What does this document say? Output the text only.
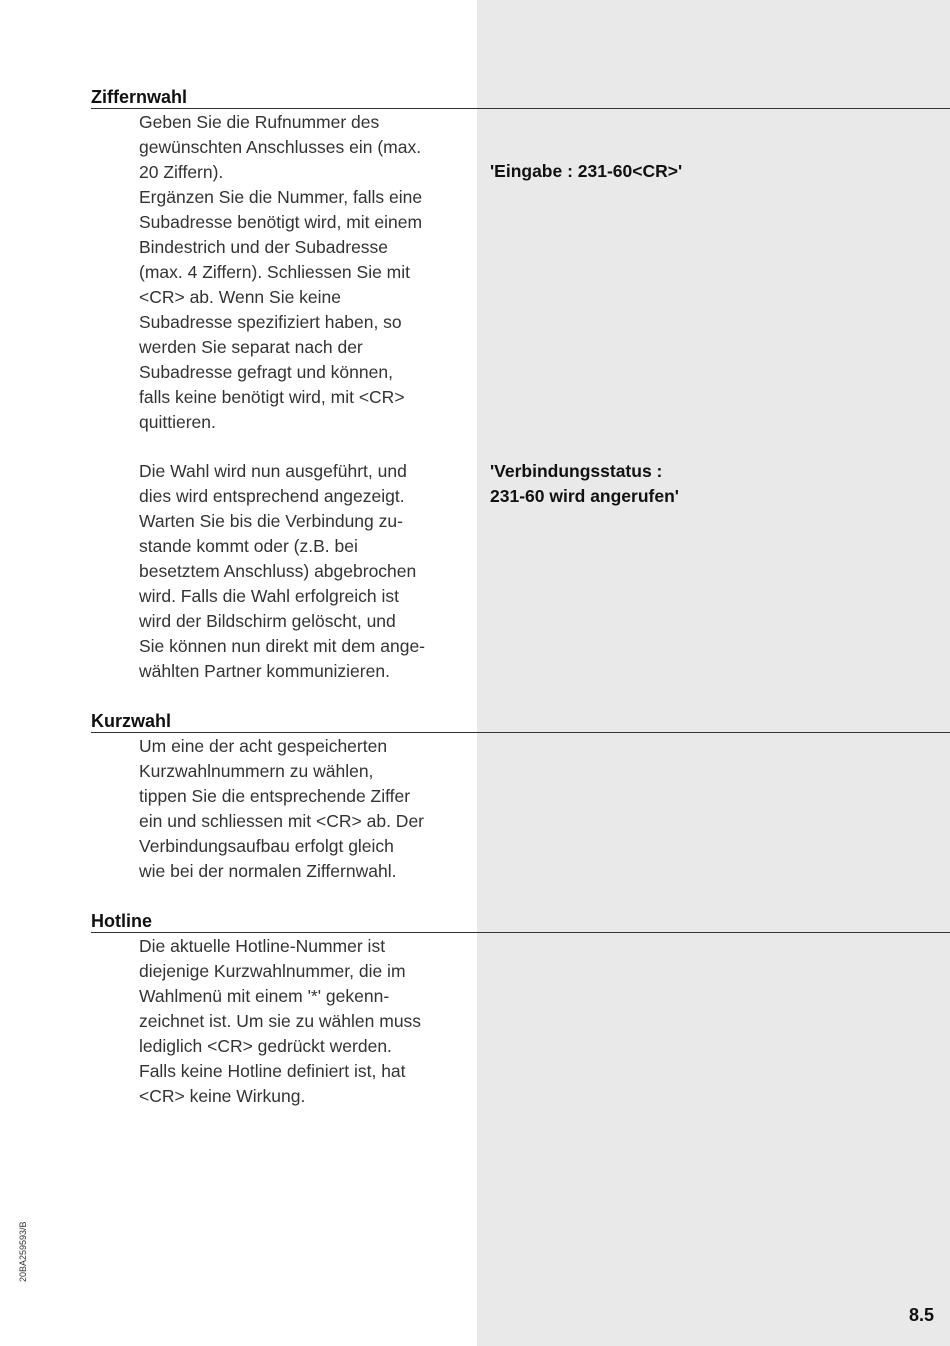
Ziffernwahl
Geben Sie die Rufnummer des
gewünschten Anschlusses ein (max.
20 Ziffern).
Ergänzen Sie die Nummer, falls eine
Subadresse benötigt wird, mit einem
Bindestrich und der Subadresse
(max. 4 Ziffern). Schliessen Sie mit
<CR> ab. Wenn Sie keine
Subadresse spezifiziert haben, so
werden Sie separat nach der
Subadresse gefragt und können,
falls keine benötigt wird, mit <CR>
quittieren.
Die Wahl wird nun ausgeführt, und
dies wird entsprechend angezeigt.
Warten Sie bis die Verbindung zu-
stande kommt oder (z.B. bei
besetztem Anschluss) abgebrochen
wird. Falls die Wahl erfolgreich ist
wird der Bildschirm gelöscht, und
Sie können nun direkt mit dem ange-
wählten Partner kommunizieren.
'Eingabe : 231-60<CR>'
'Verbindungsstatus :
231-60 wird angerufen'
Kurzwahl
Um eine der acht gespeicherten
Kurzwahlnummern zu wählen,
tippen Sie die entsprechende Ziffer
ein und schliessen mit <CR> ab. Der
Verbindungsaufbau erfolgt gleich
wie bei der normalen Ziffernwahl.
Hotline
Die aktuelle Hotline-Nummer ist
diejenige Kurzwahlnummer, die im
Wahlmenü mit einem '*' gekenn-
zeichnet ist. Um sie zu wählen muss
lediglich <CR> gedrückt werden.
Falls keine Hotline definiert ist, hat
<CR> keine Wirkung.
20BA259593/B
8.5
